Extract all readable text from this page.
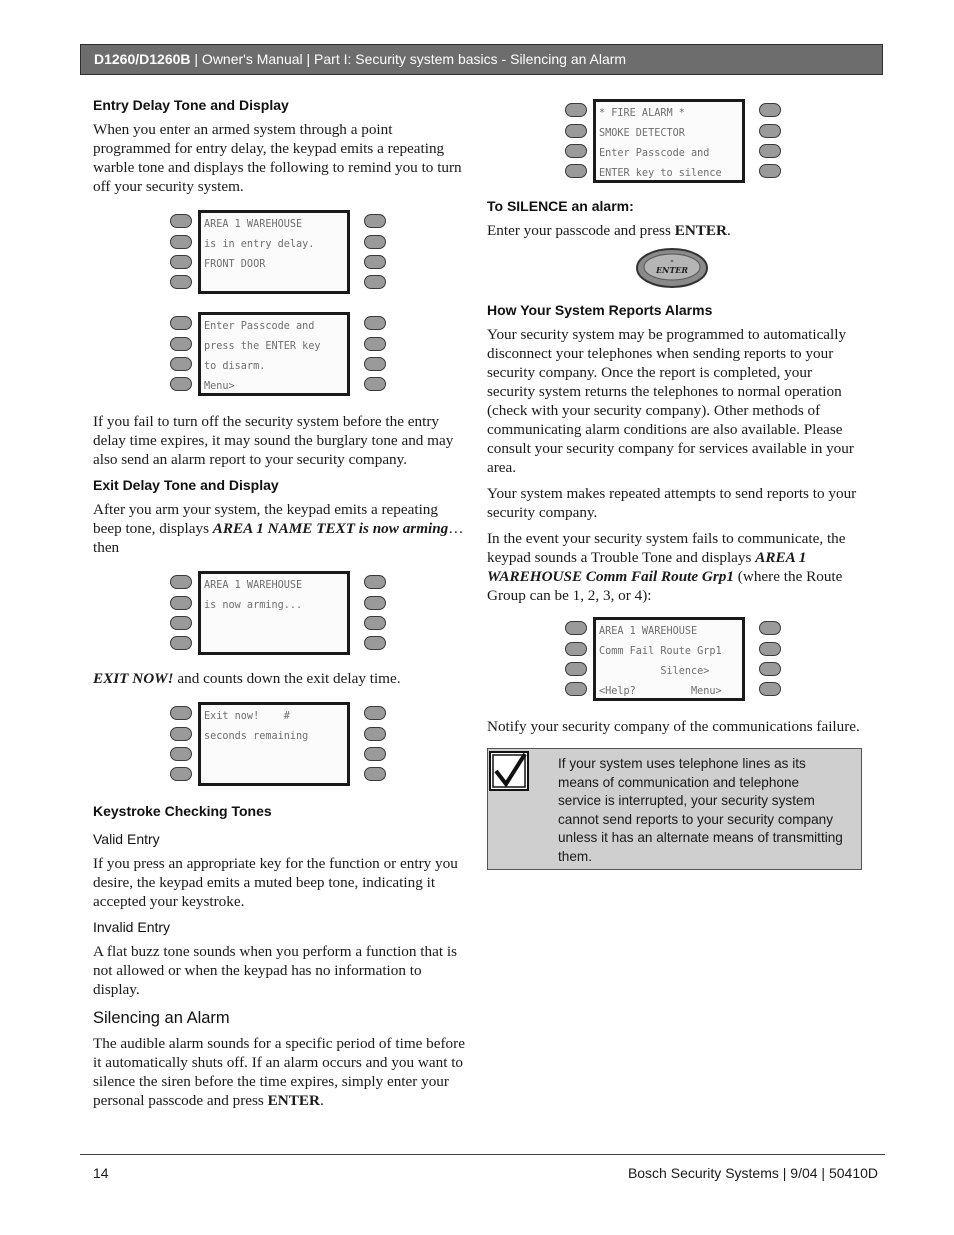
D1260/D1260B | Owner's Manual | Part I: Security system basics - Silencing an Alarm
Entry Delay Tone and Display

When you enter an armed system through a point programmed for entry delay, the keypad emits a repeating warble tone and displays the following to remind you to turn off your security system.

AREA 1 WAREHOUSE
is in entry delay.
FRONT DOOR
Enter Passcode and
press the ENTER key
to disarm.
Menu>

If you fail to turn off the security system before the entry delay time expires, it may sound the burglary tone and may also send an alarm report to your security company.

Exit Delay Tone and Display

After you arm your system, the keypad emits a repeating beep tone, displays AREA 1 NAME TEXT is now arming… then

AREA 1 WAREHOUSE
is now arming...

EXIT NOW! and counts down the exit delay time.

Exit now!    #
seconds remaining
Keystroke Checking Tones
Valid Entry

If you press an appropriate key for the function or entry you desire, the keypad emits a muted beep tone, indicating it accepted your keystroke.

Invalid Entry

A flat buzz tone sounds when you perform a function that is not allowed or when the keypad has no information to display.

Silencing an Alarm

The audible alarm sounds for a specific period of time before it automatically shuts off. If an alarm occurs and you want to silence the siren before the time expires, simply enter your personal passcode and press ENTER.

* FIRE ALARM *
SMOKE DETECTOR
Enter Passcode and
ENTER key to silence
To SILENCE an alarm:

Enter your passcode and press ENTER.

*
ENTER
How Your System Reports Alarms

Your security system may be programmed to automatically disconnect your telephones when sending reports to your security company. Once the report is completed, your security system returns the telephones to normal operation (check with your security company). Other methods of communicating alarm conditions are also available. Please consult your security company for services available in your area.

Your system makes repeated attempts to send reports to your security company.

In the event your security system fails to communicate, the keypad sounds a Trouble Tone and displays AREA 1 WAREHOUSE Comm Fail Route Grp1 (where the Route Group can be 1, 2, 3, or 4):

AREA 1 WAREHOUSE
Comm Fail Route Grp1
Silence>
<Help?         Menu>

Notify your security company of the communications failure.

If your system uses telephone lines as its means of communication and telephone service is interrupted, your security system cannot send reports to your security company unless it has an alternate means of transmitting them.
14	Bosch Security Systems | 9/04 | 50410D
